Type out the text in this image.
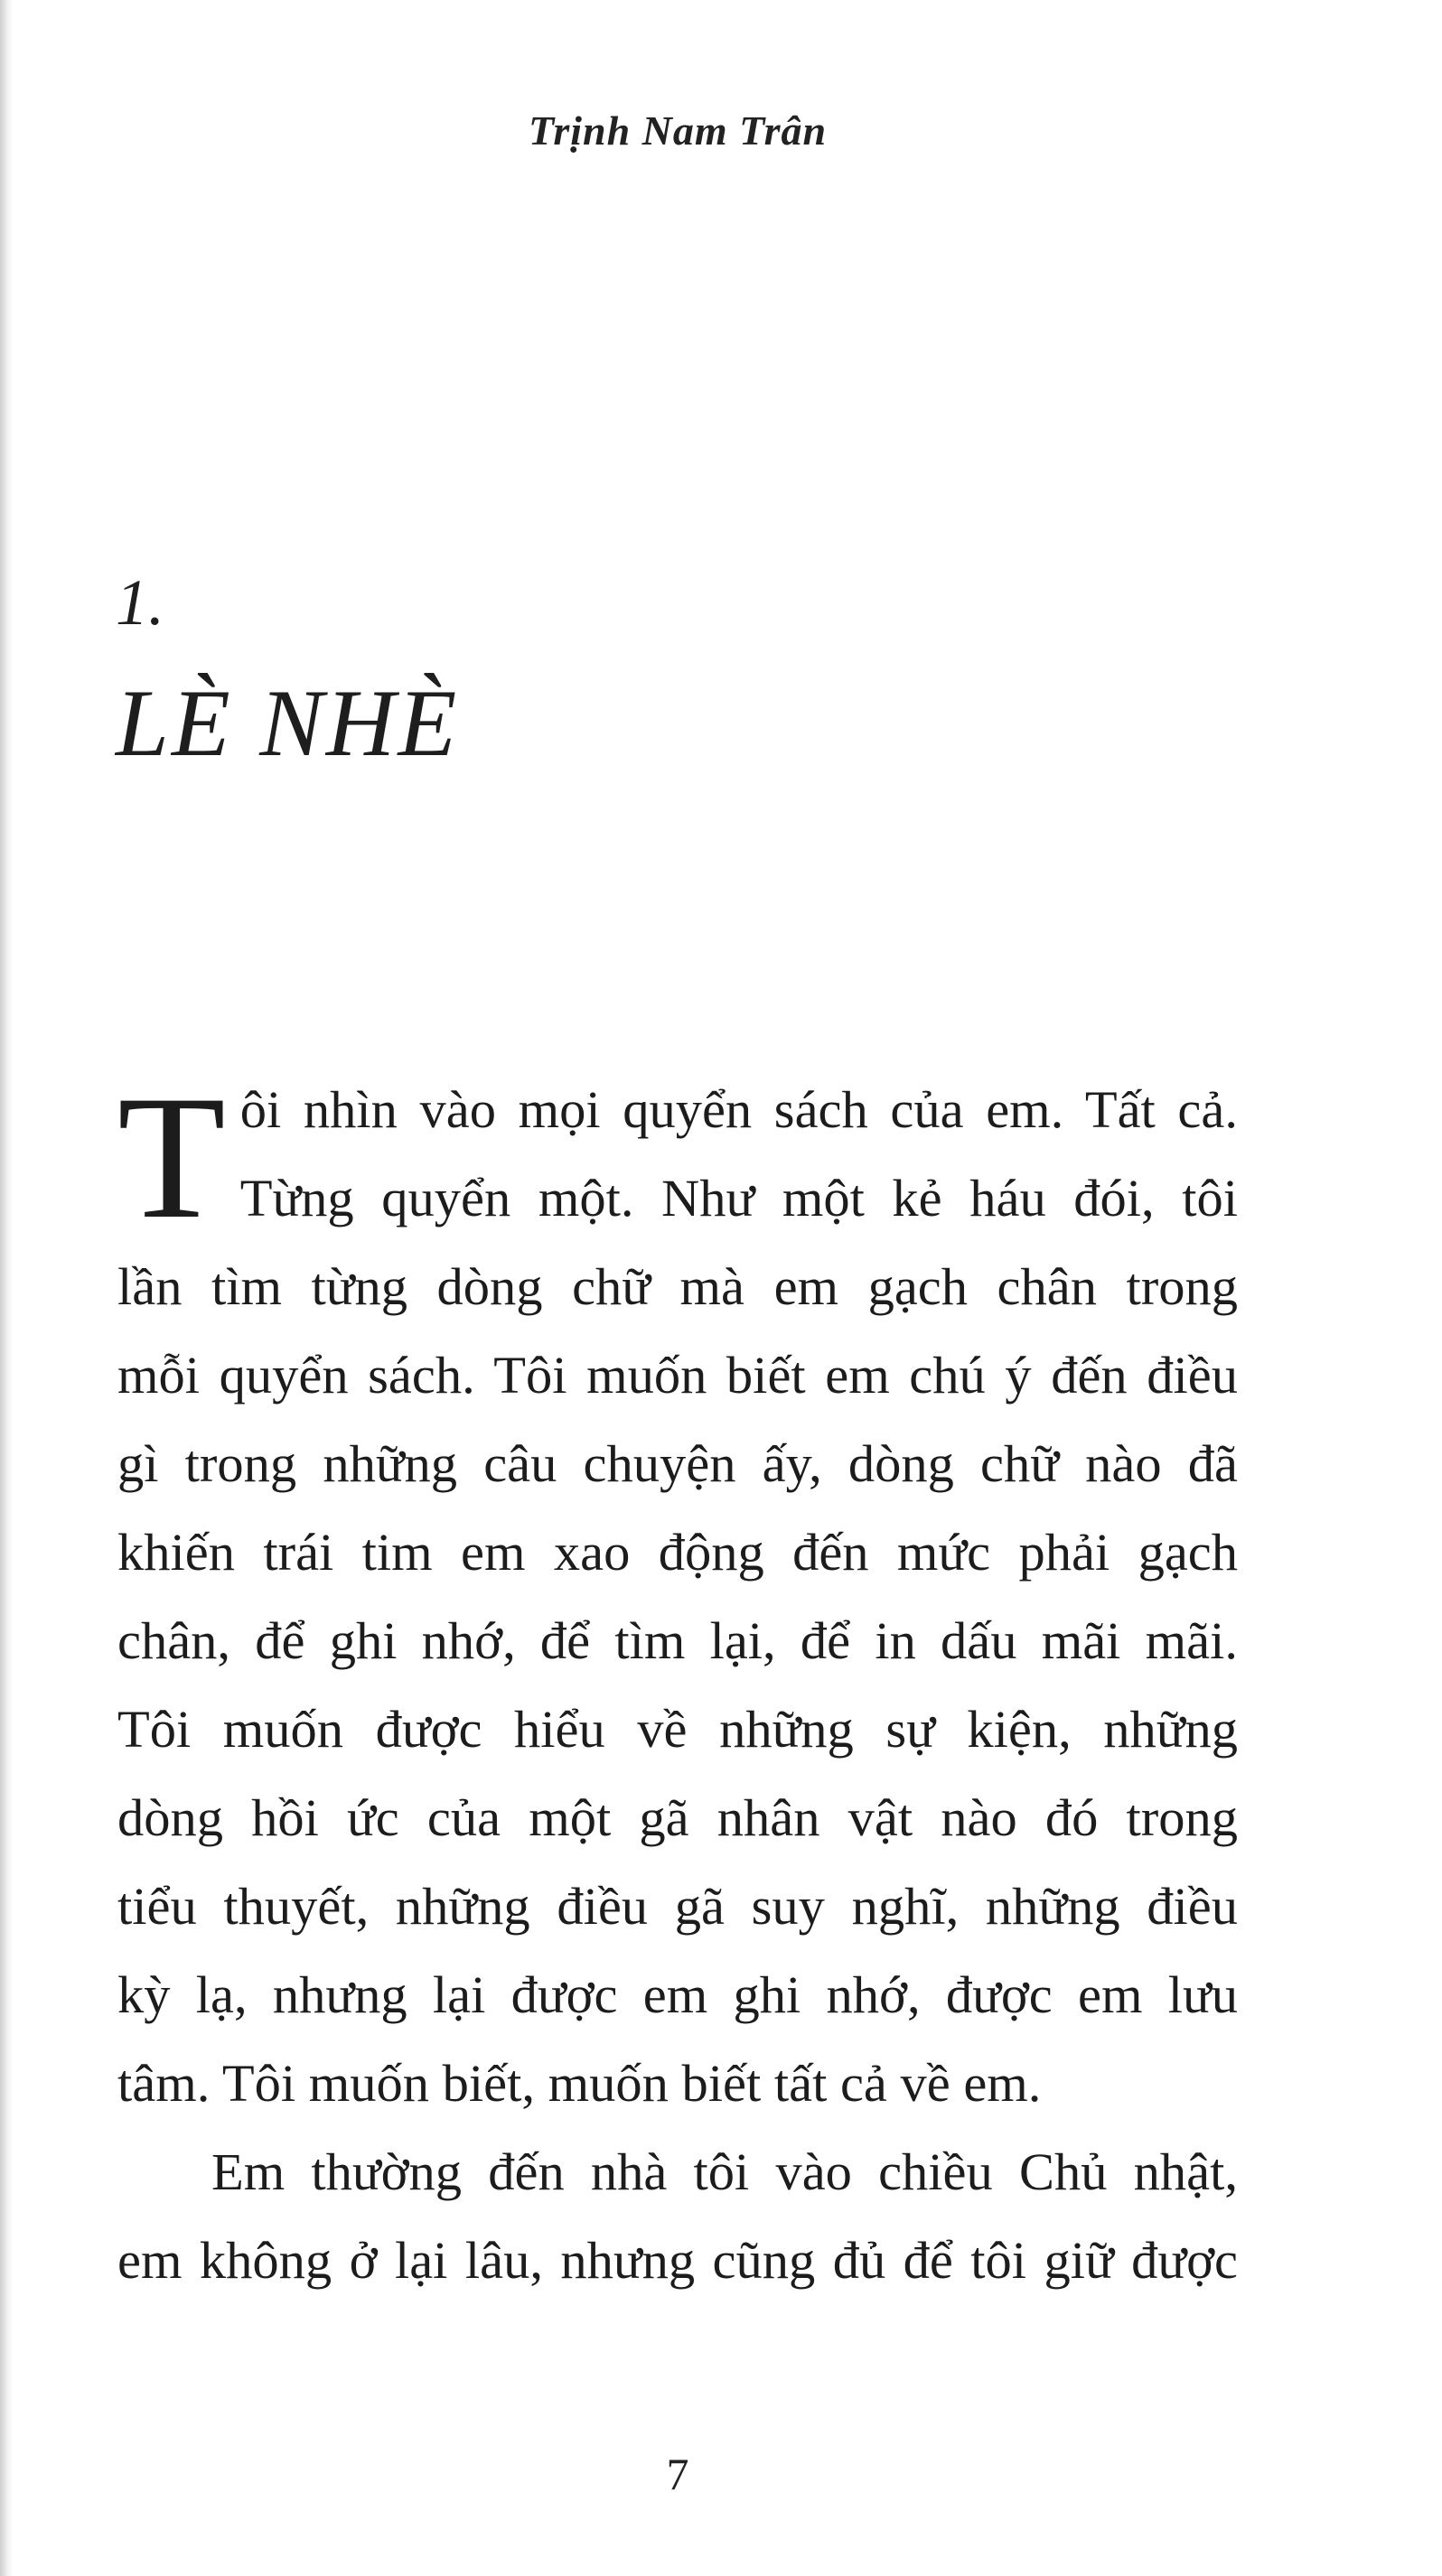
Trịnh Nam Trân
1.
LÈ NHÈ
T ôi nhìn vào mọi quyển sách của em. Tất cả.
Từng quyển một. Như một kẻ háu đói, tôi
lần tìm từng dòng chữ mà em gạch chân trong
mỗi quyển sách. Tôi muốn biết em chú ý đến điều
gì trong những câu chuyện ấy, dòng chữ nào đã
khiến trái tim em xao động đến mức phải gạch
chân, để ghi nhớ, để tìm lại, để in dấu mãi mãi.
Tôi muốn được hiểu về những sự kiện, những
dòng hồi ức của một gã nhân vật nào đó trong
tiểu thuyết, những điều gã suy nghĩ, những điều
kỳ lạ, nhưng lại được em ghi nhớ, được em lưu
tâm. Tôi muốn biết, muốn biết tất cả về em.
Em thường đến nhà tôi vào chiều Chủ nhật,
em không ở lại lâu, nhưng cũng đủ để tôi giữ được
7
